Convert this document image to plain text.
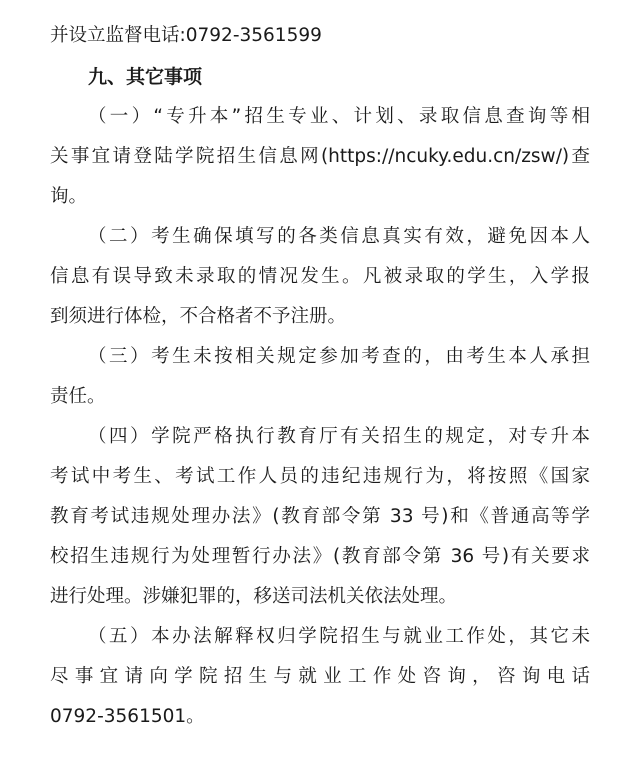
并设立监督电话:0792-3561599
九、其它事项
（一）“专升本”招生专业、计划、录取信息查询等相
关事宜请登陆学院招生信息网(https://ncuky.edu.cn/zsw/)查
询。
（二）考生确保填写的各类信息真实有效，避免因本人
信息有误导致未录取的情况发生。凡被录取的学生，入学报
到须进行体检，不合格者不予注册。
（三）考生未按相关规定参加考查的，由考生本人承担
责任。
（四）学院严格执行教育厅有关招生的规定，对专升本
考试中考生、考试工作人员的违纪违规行为，将按照《国家
教育考试违规处理办法》(教育部令第 33 号)和《普通高等学
校招生违规行为处理暂行办法》(教育部令第 36 号)有关要求
进行处理。涉嫌犯罪的，移送司法机关依法处理。
（五）本办法解释权归学院招生与就业工作处，其它未
尽事宜请向学院招生与就业工作处咨询，咨询电话
0792-3561501。
